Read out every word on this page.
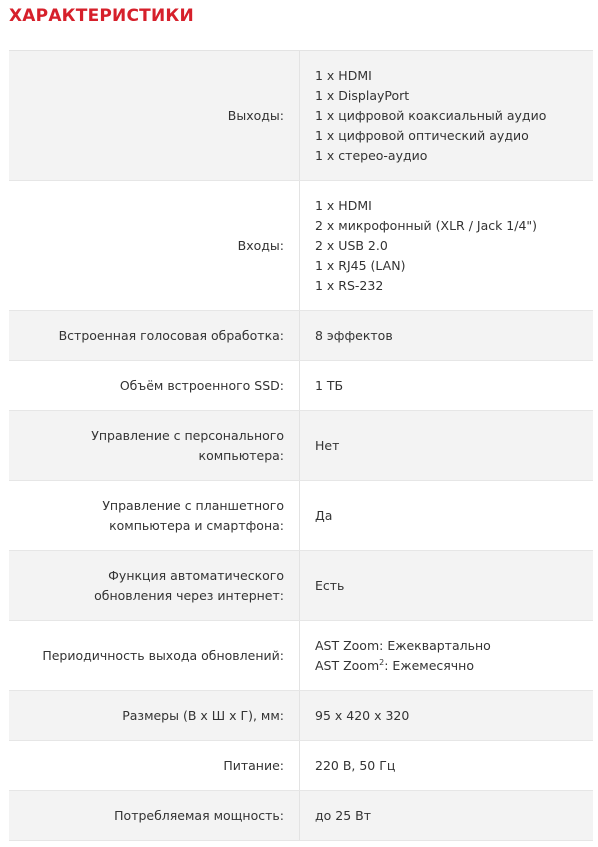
ХАРАКТЕРИСТИКИ
Выходы:
1 x HDMI
1 x DisplayPort
1 x цифровой коаксиальный аудио
1 x цифровой оптический аудио
1 x стерео-аудио
Входы:
1 x HDMI
2 x микрофонный (XLR / Jack 1/4")
2 x USB 2.0
1 x RJ45 (LAN)
1 x RS-232
Встроенная голосовая обработка: 8 эффектов
Объём встроенного SSD: 1 ТБ
Управление с персонального компьютера:
Нет
Управление с планшетного компьютера и смартфона:
Да
Функция автоматического обновления через интернет:
Есть
Периодичность выхода обновлений:
AST Zoom: Ежеквартально
AST Zoom$^2$: Ежемесячно
Размеры (В x Ш x Г), мм: 95 x 420 x 320
Питание: 220 В, 50 Гц
Потребляемая мощность: до 25 Вт
